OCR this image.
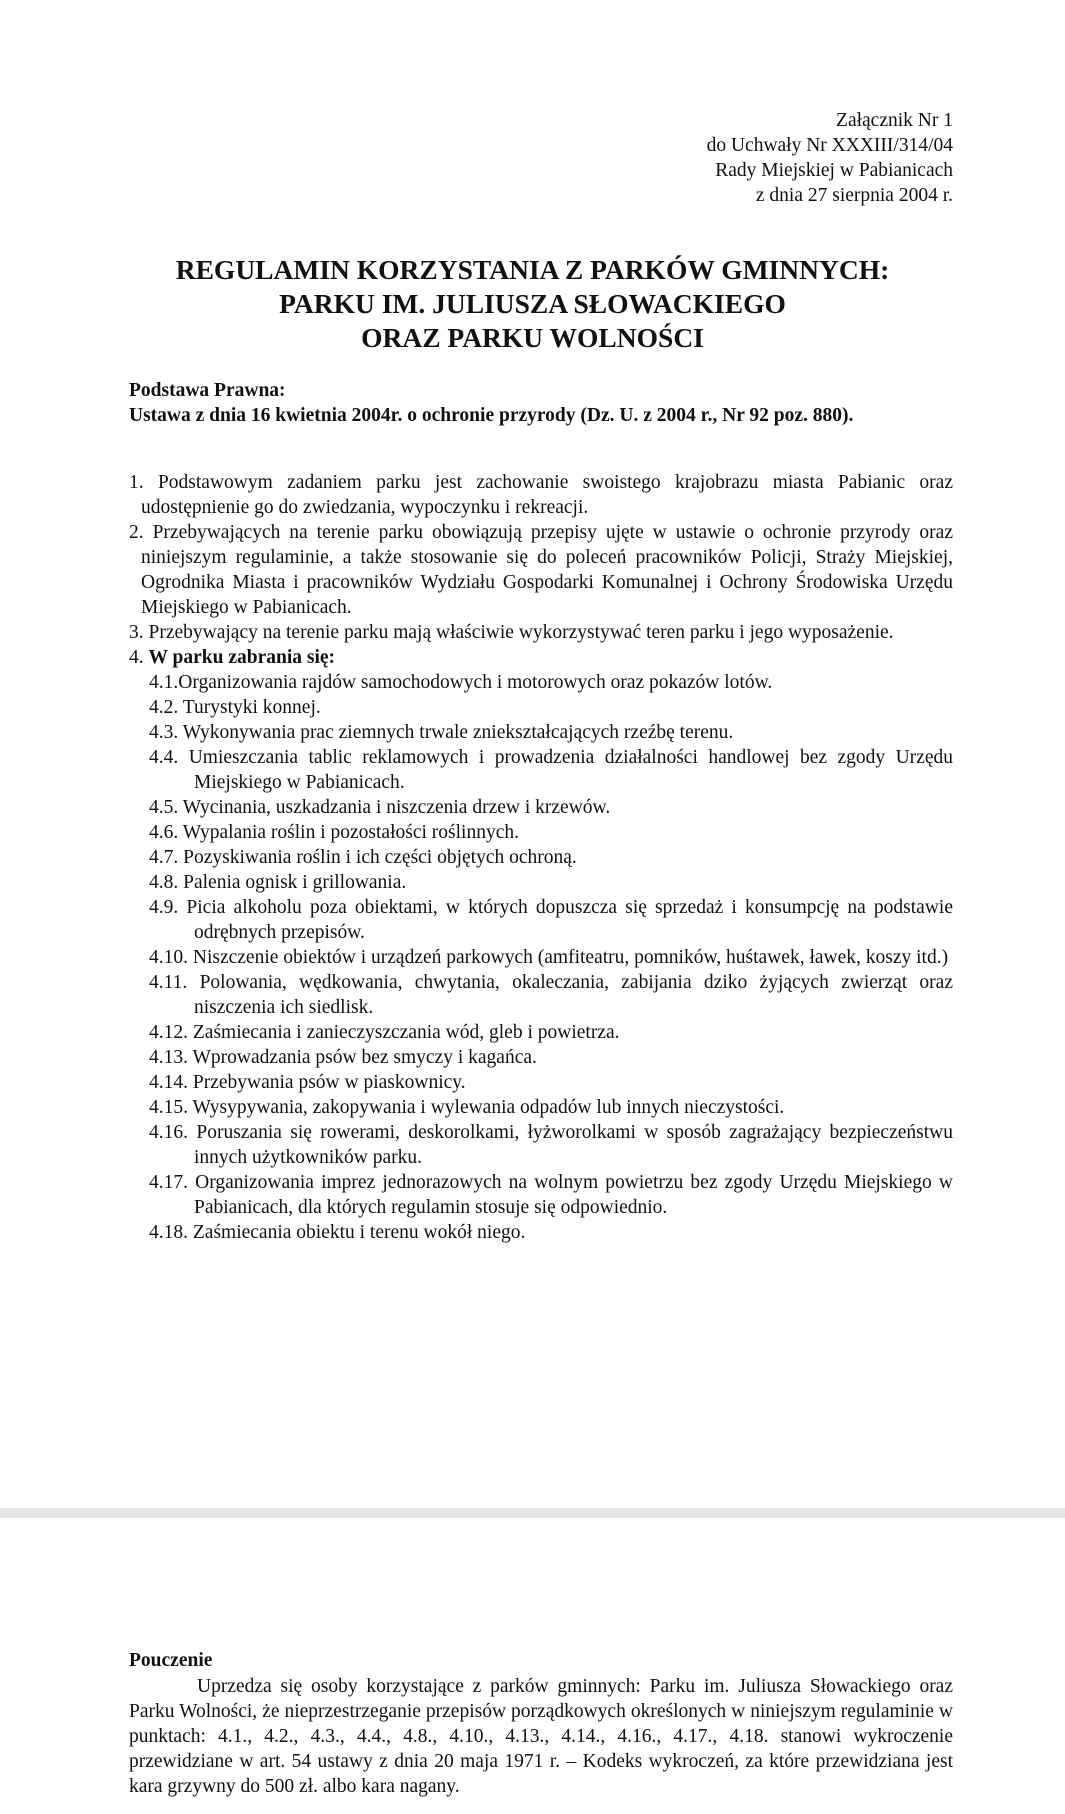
Załącznik Nr 1
do Uchwały Nr XXXIII/314/04
Rady Miejskiej w Pabianicach
z dnia 27 sierpnia 2004 r.
REGULAMIN KORZYSTANIA Z PARKÓW GMINNYCH:
PARKU IM. JULIUSZA SŁOWACKIEGO
ORAZ PARKU WOLNOŚCI
Podstawa Prawna:
Ustawa z dnia 16 kwietnia 2004r. o ochronie przyrody (Dz. U. z 2004 r., Nr 92 poz. 880).
1. Podstawowym zadaniem parku jest zachowanie swoistego krajobrazu miasta Pabianic oraz udostępnienie go do zwiedzania, wypoczynku i rekreacji.
2. Przebywających na terenie parku obowiązują przepisy ujęte w ustawie o ochronie przyrody oraz niniejszym regulaminie, a także stosowanie się do poleceń pracowników Policji, Straży Miejskiej, Ogrodnika Miasta i pracowników Wydziału Gospodarki Komunalnej i Ochrony Środowiska Urzędu Miejskiego w Pabianicach.
3. Przebywający na terenie parku mają właściwie wykorzystywać teren parku i jego wyposażenie.
4. W parku zabrania się:
4.1.Organizowania rajdów samochodowych i motorowych oraz pokazów lotów.
4.2. Turystyki konnej.
4.3. Wykonywania prac ziemnych trwale zniekształcających rzeźbę terenu.
4.4. Umieszczania tablic reklamowych i prowadzenia działalności handlowej bez zgody Urzędu Miejskiego w Pabianicach.
4.5. Wycinania, uszkadzania i niszczenia drzew i krzewów.
4.6. Wypalania roślin i pozostałości roślinnych.
4.7. Pozyskiwania roślin i ich części objętych ochroną.
4.8. Palenia ognisk i grillowania.
4.9. Picia alkoholu poza obiektami, w których dopuszcza się sprzedaż i konsumpcję na podstawie odrębnych przepisów.
4.10. Niszczenie obiektów i urządzeń parkowych (amfiteatru, pomników, huśtawek, ławek, koszy itd.)
4.11. Polowania, wędkowania, chwytania, okaleczania, zabijania dziko żyjących zwierząt oraz niszczenia ich siedlisk.
4.12. Zaśmiecania i zanieczyszczania wód, gleb i powietrza.
4.13. Wprowadzania psów bez smyczy i kagańca.
4.14. Przebywania psów w piaskownicy.
4.15. Wysypywania, zakopywania i wylewania odpadów lub innych nieczystości.
4.16. Poruszania się rowerami, deskorolkami, łyżworolkami w sposób zagrażający bezpieczeństwu innych użytkowników parku.
4.17. Organizowania imprez jednorazowych na wolnym powietrzu bez zgody Urzędu Miejskiego w Pabianicach, dla których regulamin stosuje się odpowiednio.
4.18. Zaśmiecania obiektu i terenu wokół niego.
Pouczenie
Uprzedza się osoby korzystające z parków gminnych: Parku im. Juliusza Słowackiego oraz Parku Wolności, że nieprzestrzeganie przepisów porządkowych określonych w niniejszym regulaminie w punktach: 4.1., 4.2., 4.3., 4.4., 4.8., 4.10., 4.13., 4.14., 4.16., 4.17., 4.18. stanowi wykroczenie przewidziane w art. 54 ustawy z dnia 20 maja 1971 r. – Kodeks wykroczeń, za które przewidziana jest kara grzywny do 500 zł. albo kara nagany.
